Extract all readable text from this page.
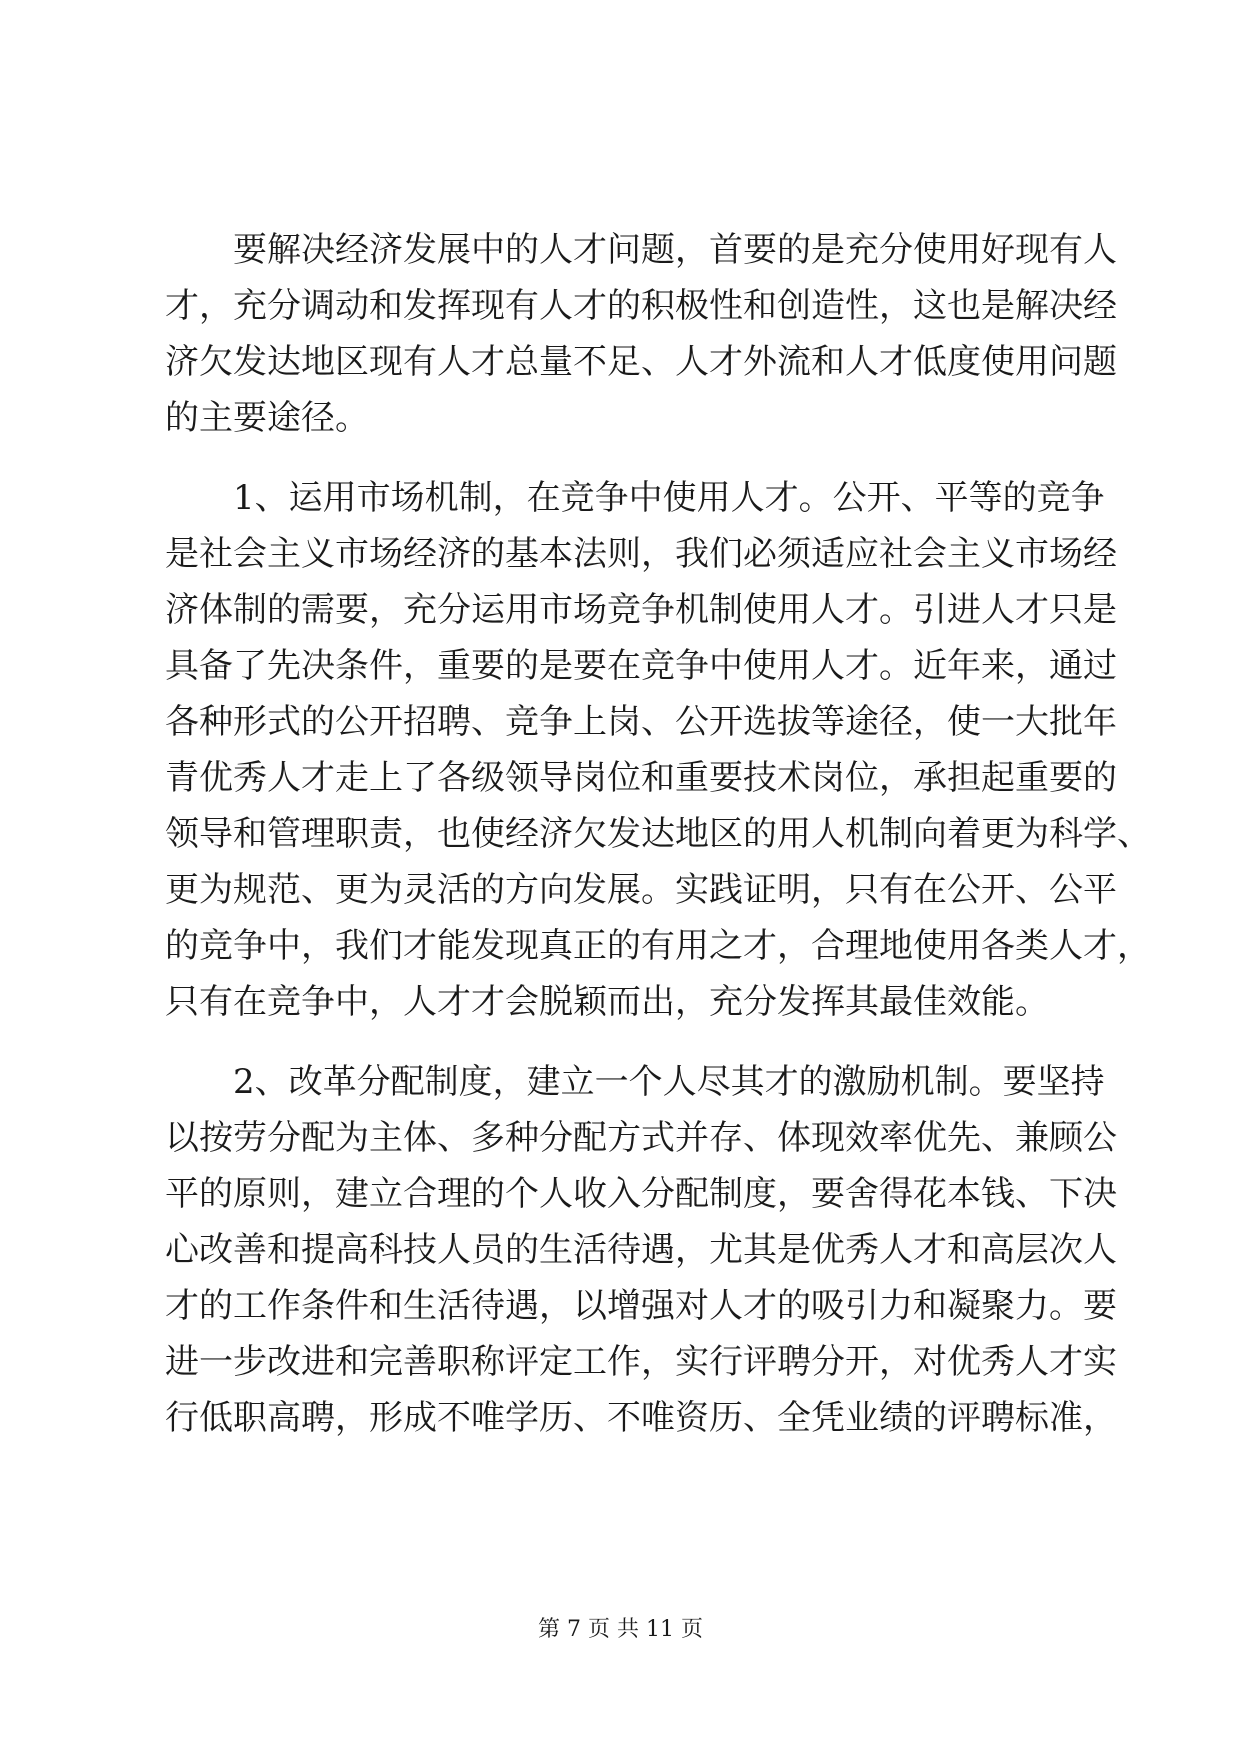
　　要解决经济发展中的人才问题，首要的是充分使用好现有人
才，充分调动和发挥现有人才的积极性和创造性，这也是解决经
济欠发达地区现有人才总量不足、人才外流和人才低度使用问题
的主要途径。
　　1、运用市场机制，在竞争中使用人才。公开、平等的竞争
是社会主义市场经济的基本法则，我们必须适应社会主义市场经
济体制的需要，充分运用市场竞争机制使用人才。引进人才只是
具备了先决条件，重要的是要在竞争中使用人才。近年来，通过
各种形式的公开招聘、竞争上岗、公开选拔等途径，使一大批年
青优秀人才走上了各级领导岗位和重要技术岗位，承担起重要的
领导和管理职责，也使经济欠发达地区的用人机制向着更为科学、
更为规范、更为灵活的方向发展。实践证明，只有在公开、公平
的竞争中，我们才能发现真正的有用之才，合理地使用各类人才，
只有在竞争中，人才才会脱颖而出，充分发挥其最佳效能。
　　2、改革分配制度，建立一个人尽其才的激励机制。要坚持
以按劳分配为主体、多种分配方式并存、体现效率优先、兼顾公
平的原则，建立合理的个人收入分配制度，要舍得花本钱、下决
心改善和提高科技人员的生活待遇，尤其是优秀人才和高层次人
才的工作条件和生活待遇，以增强对人才的吸引力和凝聚力。要
进一步改进和完善职称评定工作，实行评聘分开，对优秀人才实
行低职高聘，形成不唯学历、不唯资历、全凭业绩的评聘标准，
第 7 页 共 11 页
